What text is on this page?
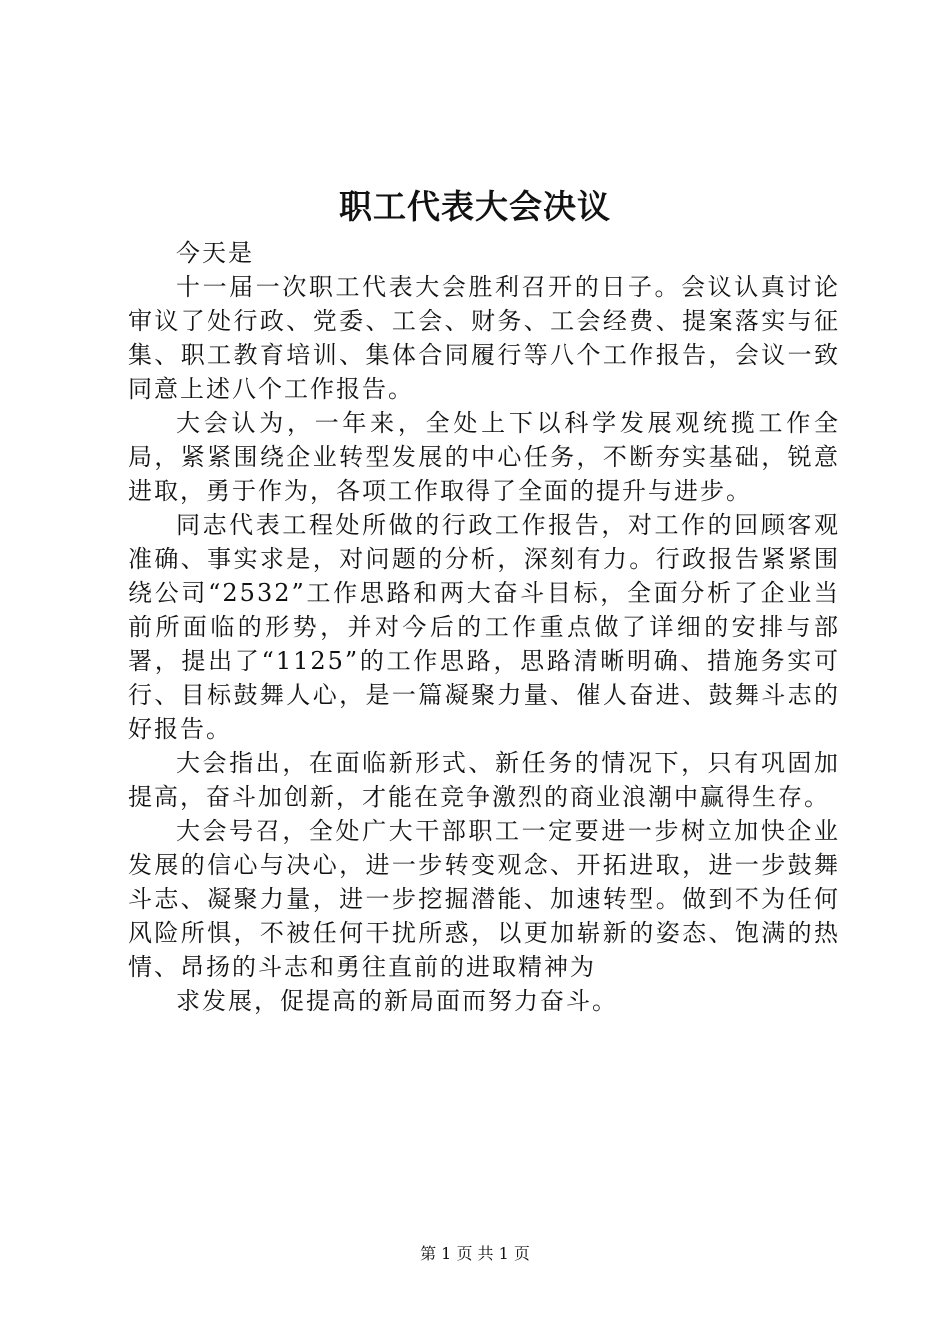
职工代表大会决议

今天是

十一届一次职工代表大会胜利召开的日子。会议认真讨论审议了处行政、党委、工会、财务、工会经费、提案落实与征集、职工教育培训、集体合同履行等八个工作报告，会议一致同意上述八个工作报告。

大会认为，一年来，全处上下以科学发展观统揽工作全局，紧紧围绕企业转型发展的中心任务，不断夯实基础，锐意进取，勇于作为，各项工作取得了全面的提升与进步。

同志代表工程处所做的行政工作报告，对工作的回顾客观准确、事实求是，对问题的分析，深刻有力。行政报告紧紧围绕公司“2532”工作思路和两大奋斗目标，全面分析了企业当前所面临的形势，并对今后的工作重点做了详细的安排与部署，提出了“1125”的工作思路，思路清晰明确、措施务实可行、目标鼓舞人心，是一篇凝聚力量、催人奋进、鼓舞斗志的好报告。

大会指出，在面临新形式、新任务的情况下，只有巩固加提高，奋斗加创新，才能在竞争激烈的商业浪潮中赢得生存。

大会号召，全处广大干部职工一定要进一步树立加快企业发展的信心与决心，进一步转变观念、开拓进取，进一步鼓舞斗志、凝聚力量，进一步挖掘潜能、加速转型。做到不为任何风险所惧，不被任何干扰所惑，以更加崭新的姿态、饱满的热情、昂扬的斗志和勇往直前的进取精神为

求发展，促提高的新局面而努力奋斗。

第 1 页 共 1 页
